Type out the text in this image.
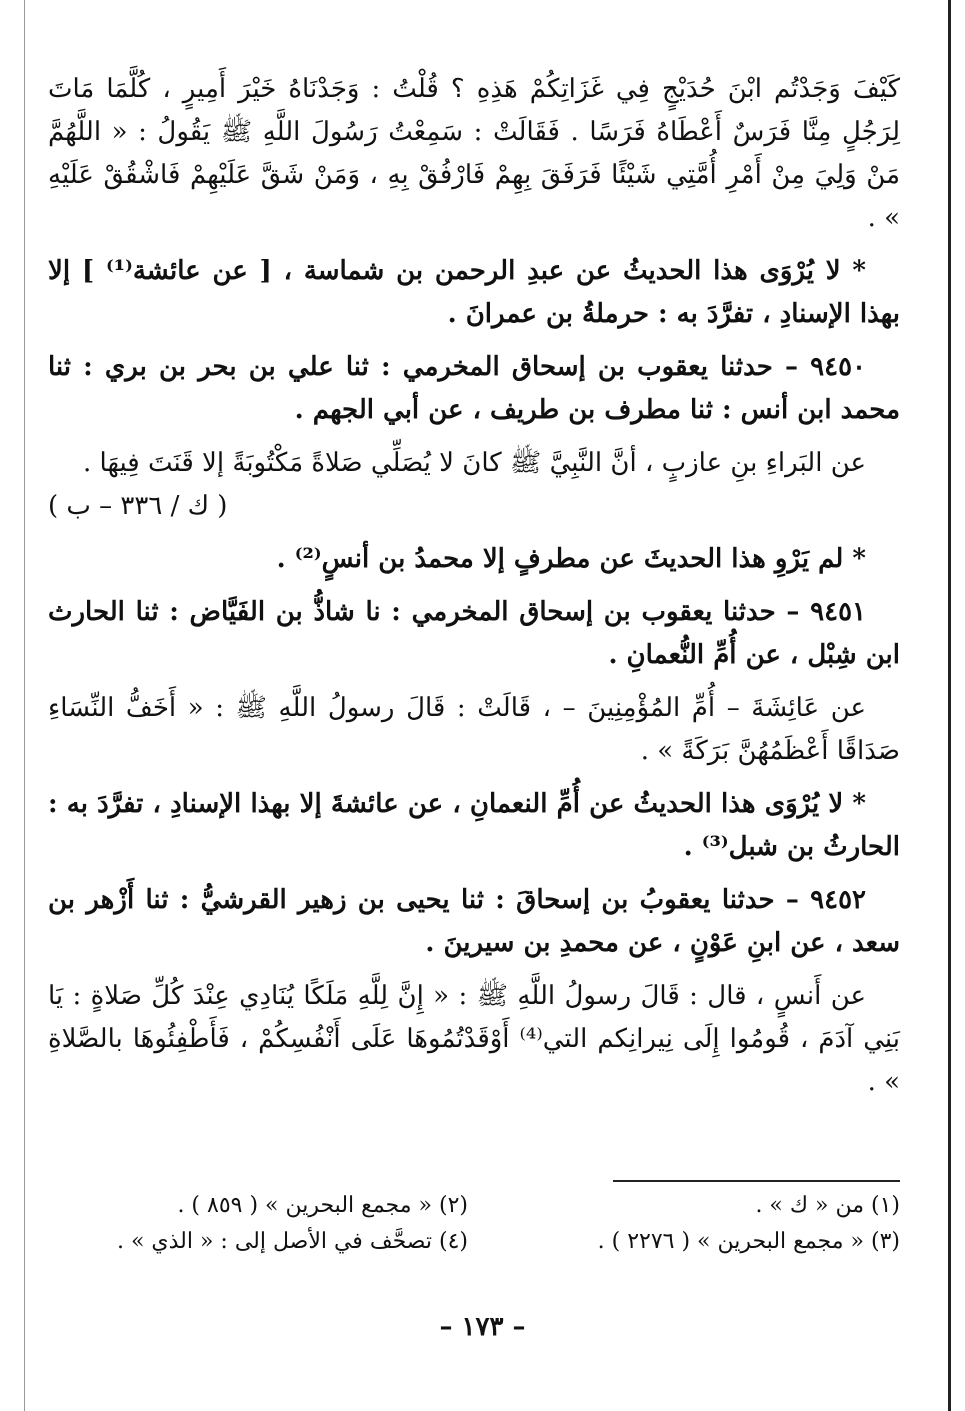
كَيْفَ وَجَدْتُم ابْنَ حُدَيْجٍ فِي غَزَاتِكُمْ هَذِهِ ؟ قُلْتُ : وَجَدْنَاهُ خَيْرَ أَمِيرٍ ، كُلَّمَا مَاتَ لِرَجُلٍ مِنَّا فَرَسٌ أَعْطَاهُ فَرَسًا . فَقَالَتْ : سَمِعْتُ رَسُولَ اللَّهِ ﷺ يَقُولُ : « اللَّهُمَّ مَنْ وَلِيَ مِنْ أَمْرِ أُمَّتِي شَيْئًا فَرَفَقَ بِهِمْ فَارْفُقْ بِهِ ، وَمَنْ شَقَّ عَلَيْهِمْ فَاشْقُقْ عَلَيْهِ » .

* لا يُرْوَى هذا الحديثُ عن عبدِ الرحمن بن شماسة ، [ عن عائشة⁽¹⁾ ] إلا بهذا الإسنادِ ، تفرَّدَ به : حرملةُ بن عمرانَ .

٩٤٥٠ – حدثنا يعقوب بن إسحاق المخرمي : ثنا علي بن بحر بن بري : ثنا محمد ابن أنس : ثنا مطرف بن طريف ، عن أبي الجهم .

عن البَراءِ بنِ عازبٍ ، أنَّ النَّبِيَّ ﷺ كانَ لا يُصَلِّي صَلاةً مَكْتُوبَةً إلا قَنَتَ فِيهَا .
( ك / ٣٣٦ – ب )

* لم يَرْوِ هذا الحديثَ عن مطرفٍ إلا محمدُ بن أنسٍ⁽²⁾ .

٩٤٥١ – حدثنا يعقوب بن إسحاق المخرمي : نا شاذُّ بن الفَيَّاض : ثنا الحارث ابن شِبْل ، عن أُمِّ النُّعمانِ .

عن عَائِشَةَ – أُمِّ المُؤْمِنِينَ – ، قَالَتْ : قَالَ رسولُ اللَّهِ ﷺ : « أَخَفُّ النِّسَاءِ صَدَاقًا أَعْظَمُهُنَّ بَرَكَةً » .

* لا يُرْوَى هذا الحديثُ عن أُمِّ النعمانِ ، عن عائشةَ إلا بهذا الإسنادِ ، تفرَّدَ به : الحارثُ بن شبل⁽³⁾ .

٩٤٥٢ – حدثنا يعقوبُ بن إسحاقَ : ثنا يحيى بن زهير القرشيُّ : ثنا أَزْهر بن سعد ، عن ابنِ عَوْنٍ ، عن محمدِ بن سيرينَ .

عن أَنسٍ ، قال : قَالَ رسولُ اللَّهِ ﷺ : « إِنَّ لِلَّهِ مَلَكًا يُنَادِي عِنْدَ كُلِّ صَلاةٍ : يَا بَنِي آدَمَ ، قُومُوا إِلَى نِيرانِكم التي⁽⁴⁾ أَوْقَدْتُمُوهَا عَلَى أَنْفُسِكُمْ ، فَأَطْفِئُوهَا بالصَّلاةِ » .

(١) من « ك » .
(٢) « مجمع البحرين » ( ٨٥٩ ) .
(٣) « مجمع البحرين » ( ٢٢٧٦ ) .
(٤) تصحَّف في الأصل إلى : « الذي » .
– ١٧٣ –
